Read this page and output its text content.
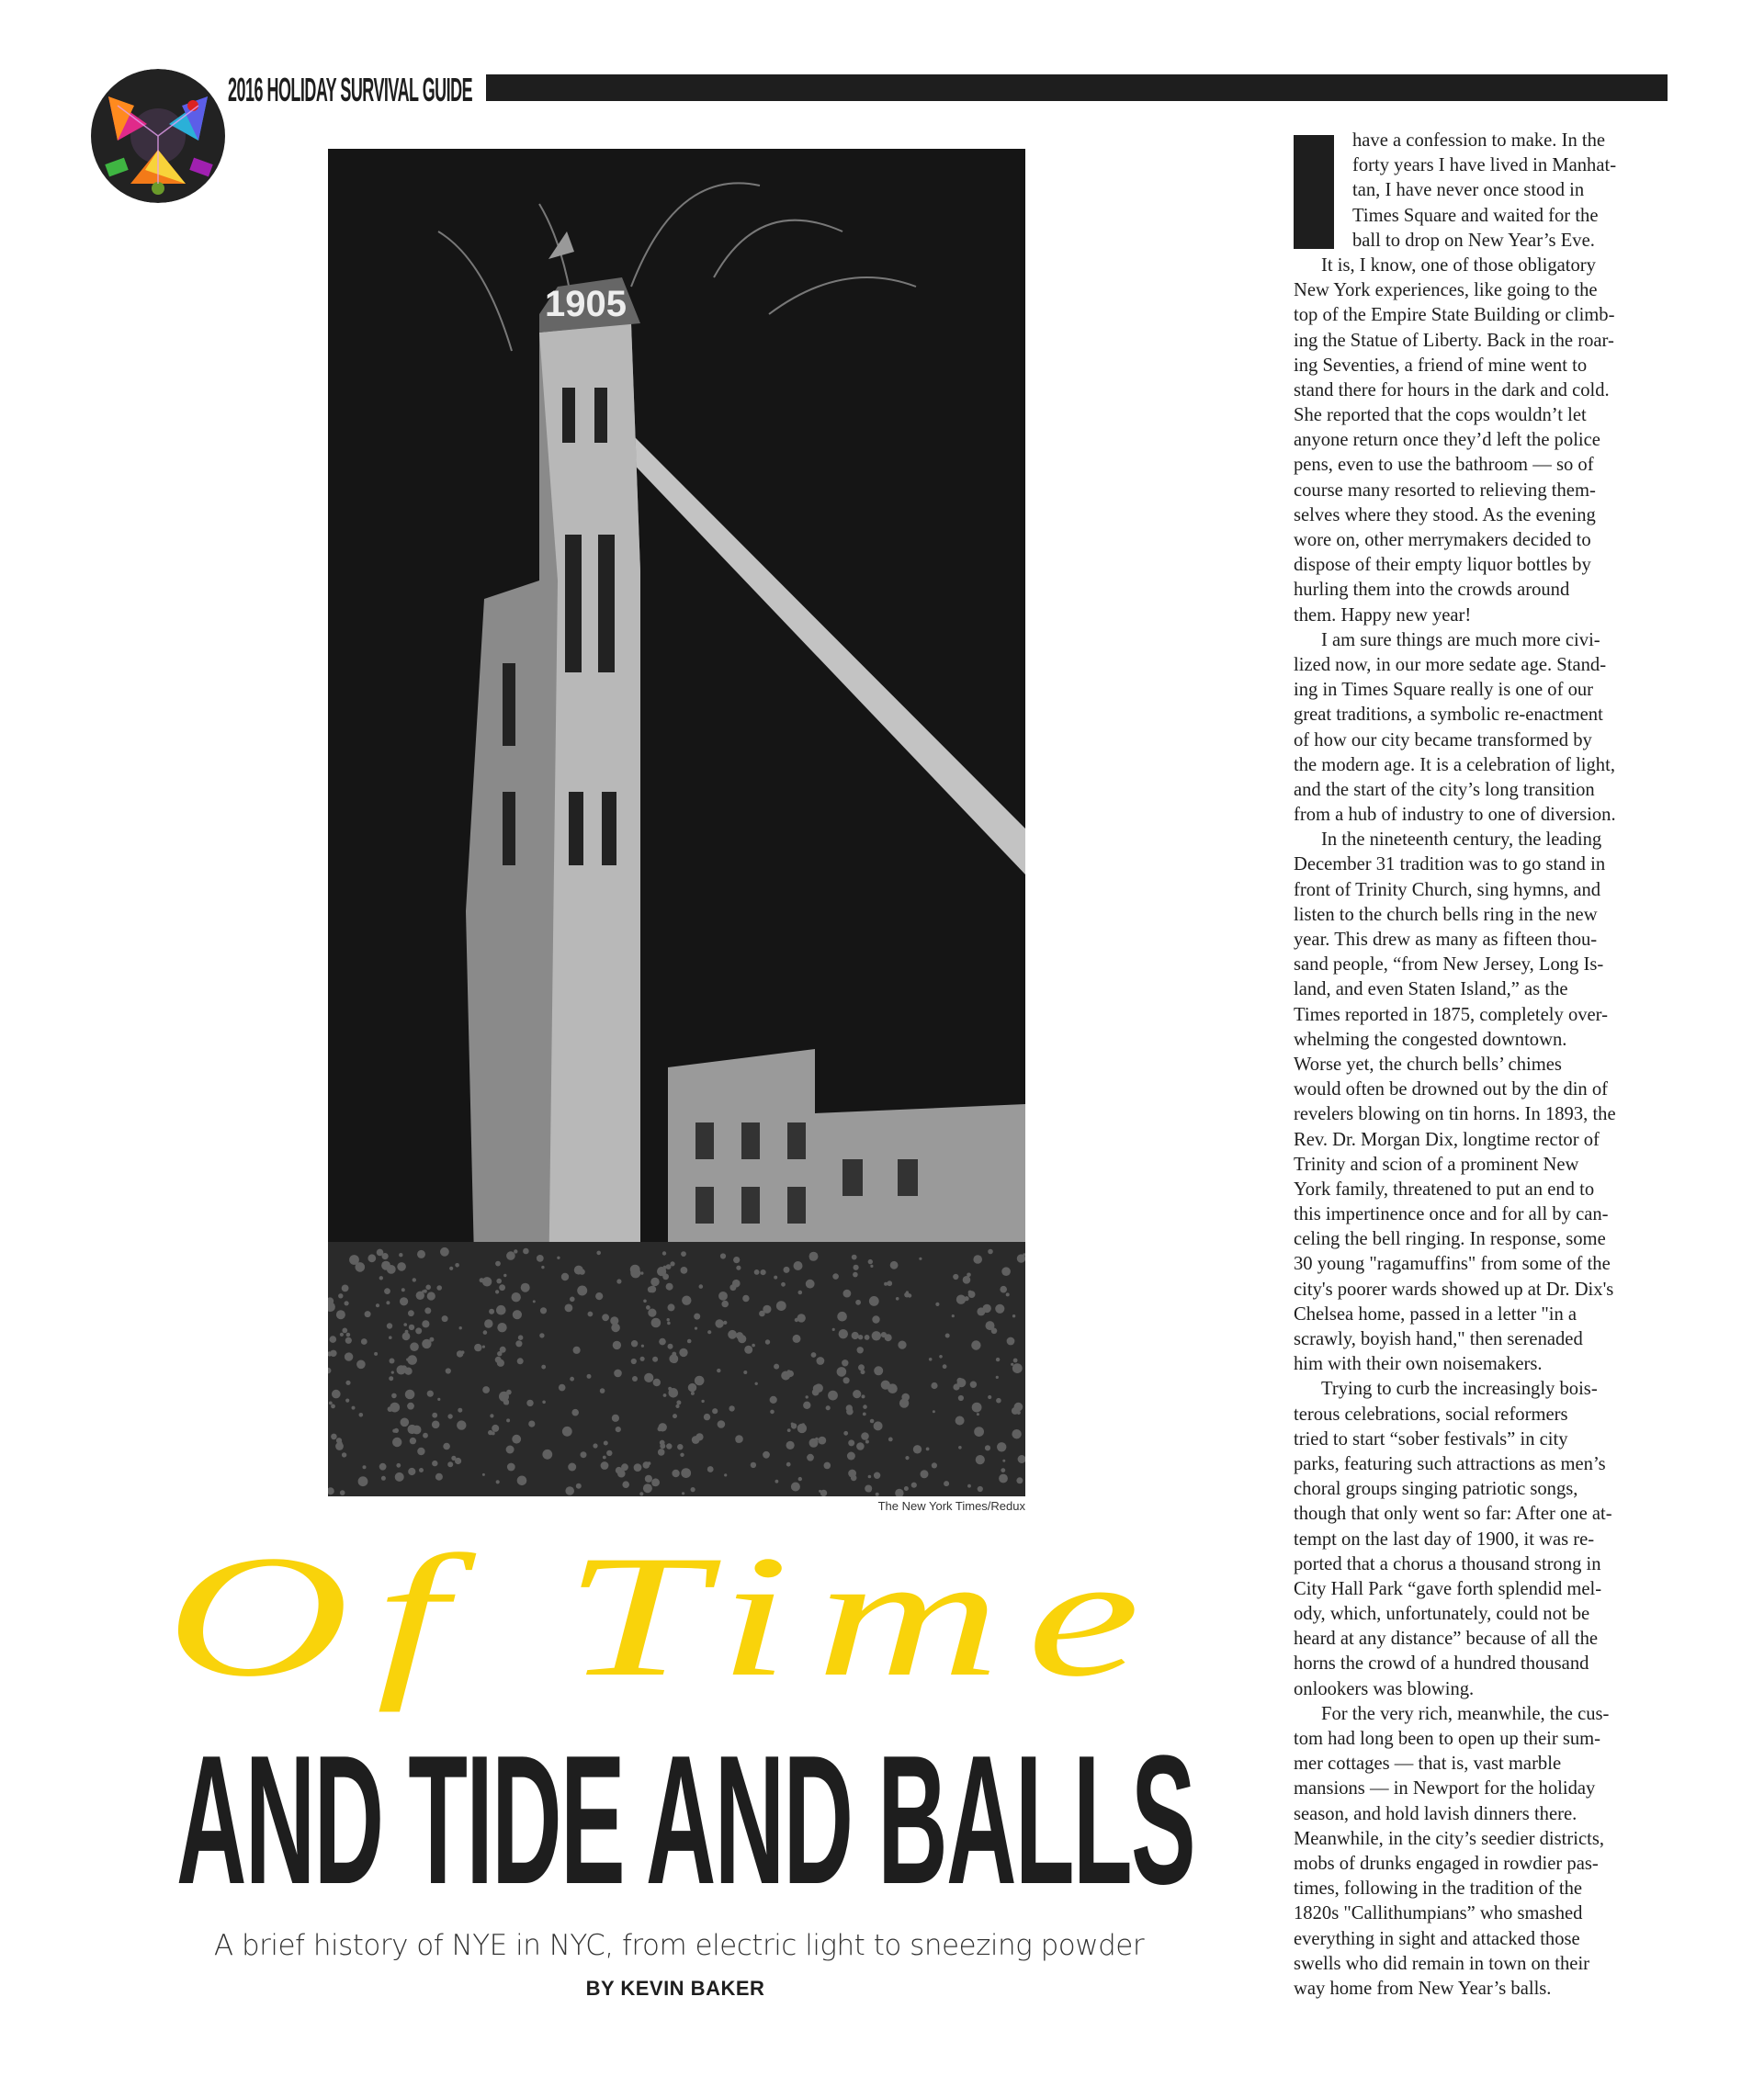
2016 HOLIDAY SURVIVAL GUIDE
1905
The New York Times/Redux
Of Time
AND TIDE AND BALLS
A brief history of NYE in NYC, from electric light to sneezing powder
BY KEVIN BAKER
I	have a confession to make. In the
forty years I have lived in Manhat-
tan, I have never once stood in
Times Square and waited for the
ball to drop on New Year’s Eve.
It is, I know, one of those obligatory
New York experiences, like going to the
top of the Empire State Building or climb-
ing the Statue of Liberty. Back in the roar-
ing Seventies, a friend of mine went to
stand there for hours in the dark and cold.
She reported that the cops wouldn’t let
anyone return once they’d left the police
pens, even to use the bathroom — so of
course many resorted to relieving them-
selves where they stood. As the evening
wore on, other merrymakers decided to
dispose of their empty liquor bottles by
hurling them into the crowds around
them. Happy new year!
I am sure things are much more civi-
lized now, in our more sedate age. Stand-
ing in Times Square really is one of our
great traditions, a symbolic re-enactment
of how our city became transformed by
the modern age. It is a celebration of light,
and the start of the city’s long transition
from a hub of industry to one of diversion.
In the nineteenth century, the leading
December 31 tradition was to go stand in
front of Trinity Church, sing hymns, and
listen to the church bells ring in the new
year. This drew as many as fifteen thou-
sand people, “from New Jersey, Long Is-
land, and even Staten Island,” as the
Times reported in 1875, completely over-
whelming the congested downtown.
Worse yet, the church bells’ chimes
would often be drowned out by the din of
revelers blowing on tin horns. In 1893, the
Rev. Dr. Morgan Dix, longtime rector of
Trinity and scion of a prominent New
York family, threatened to put an end to
this impertinence once and for all by can-
celing the bell ringing. In response, some
30 young "ragamuffins" from some of the
city's poorer wards showed up at Dr. Dix's
Chelsea home, passed in a letter "in a
scrawly, boyish hand," then serenaded
him with their own noisemakers.
Trying to curb the increasingly bois-
terous celebrations, social reformers
tried to start “sober festivals” in city
parks, featuring such attractions as men’s
choral groups singing patriotic songs,
though that only went so far: After one at-
tempt on the last day of 1900, it was re-
ported that a chorus a thousand strong in
City Hall Park “gave forth splendid mel-
ody, which, unfortunately, could not be
heard at any distance” because of all the
horns the crowd of a hundred thousand
onlookers was blowing.
For the very rich, meanwhile, the cus-
tom had long been to open up their sum-
mer cottages — that is, vast marble
mansions — in Newport for the holiday
season, and hold lavish dinners there.
Meanwhile, in the city’s seedier districts,
mobs of drunks engaged in rowdier pas-
times, following in the tradition of the
1820s "Callithumpians” who smashed
everything in sight and attacked those
swells who did remain in town on their
way home from New Year’s balls.
